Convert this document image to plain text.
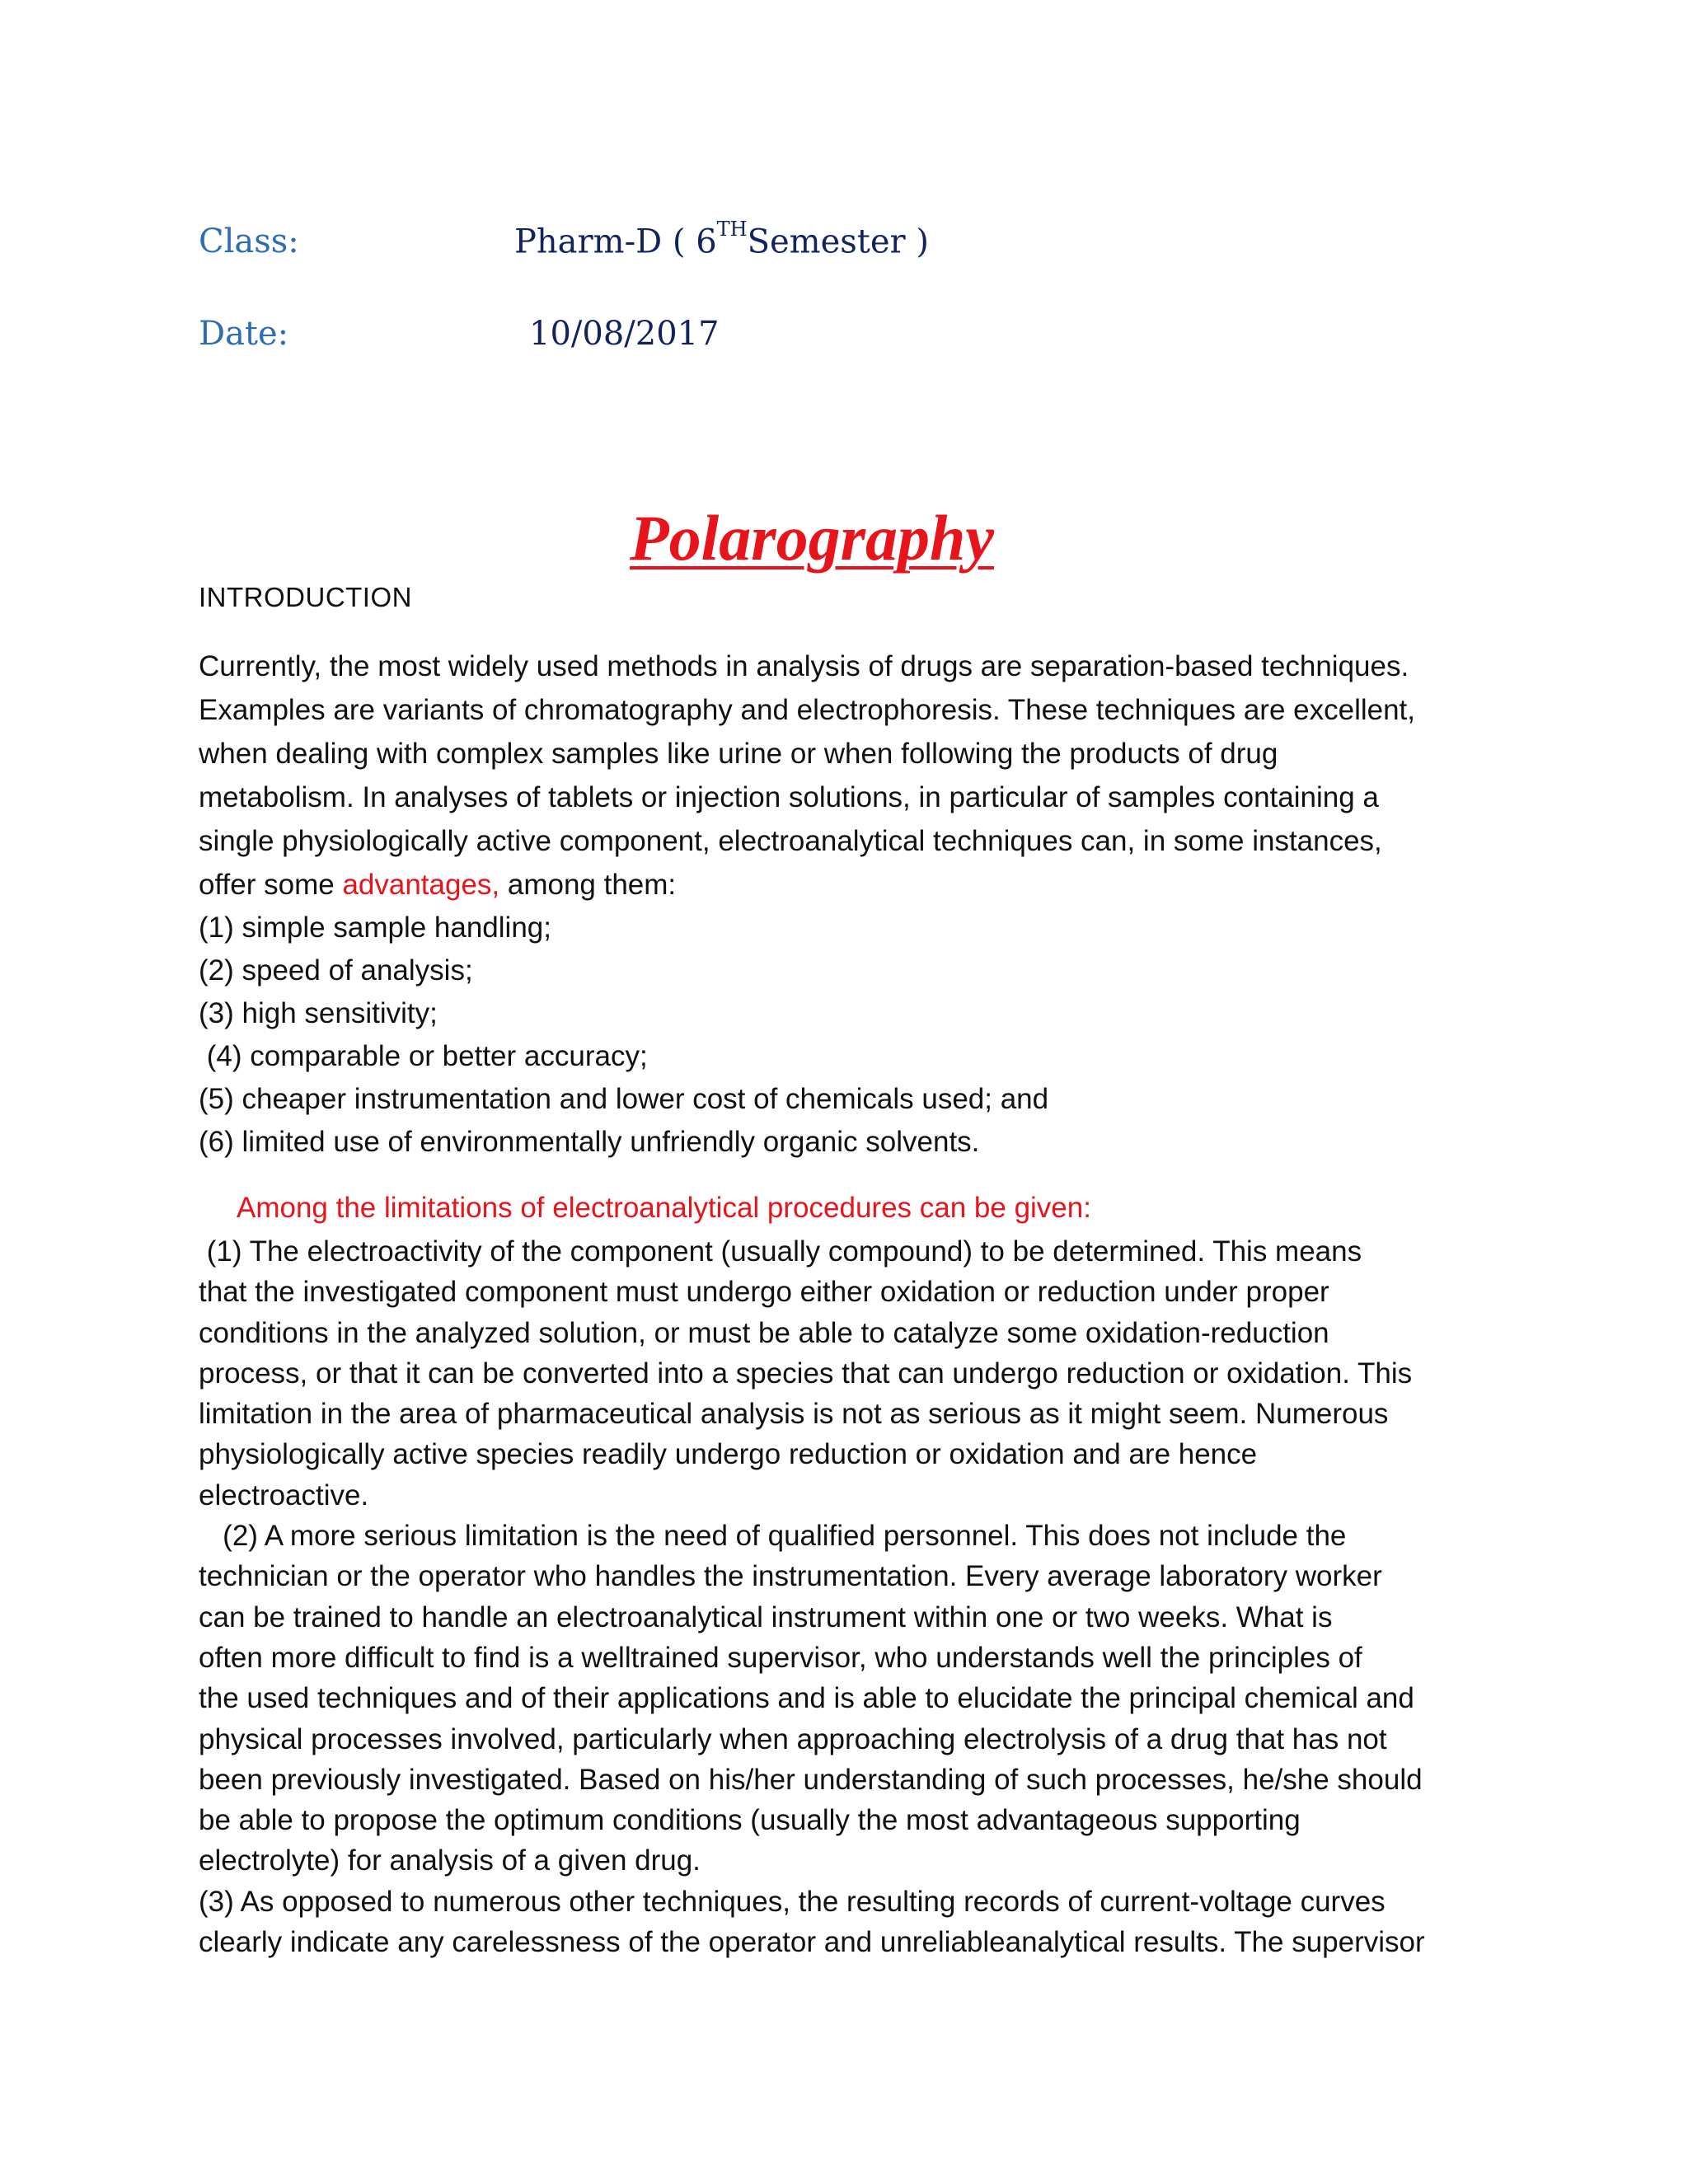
Class:	Pharm-D ( 6THSemester )
Date:	10/08/2017
Polarography
INTRODUCTION

Currently, the most widely used methods in analysis of drugs are separation-based techniques.

Examples are variants of chromatography and electrophoresis. These techniques are excellent,

when dealing with complex samples like urine or when following the products of drug

metabolism. In analyses of tablets or injection solutions, in particular of samples containing a

single physiologically active component, electroanalytical techniques can, in some instances,

offer some advantages, among them:

(1) simple sample handling;
(2) speed of analysis;
(3) high sensitivity;
(4) comparable or better accuracy;
(5) cheaper instrumentation and lower cost of chemicals used; and
(6) limited use of environmentally unfriendly organic solvents.
Among the limitations of electroanalytical procedures can be given:

(1) The electroactivity of the component (usually compound) to be determined. This means

that the investigated component must undergo either oxidation or reduction under proper

conditions in the analyzed solution, or must be able to catalyze some oxidation-reduction

process, or that it can be converted into a species that can undergo reduction or oxidation. This

limitation in the area of pharmaceutical analysis is not as serious as it might seem. Numerous

physiologically active species readily undergo reduction or oxidation and are hence

electroactive.

(2) A more serious limitation is the need of qualified personnel. This does not include the

technician or the operator who handles the instrumentation. Every average laboratory worker

can be trained to handle an electroanalytical instrument within one or two weeks. What is

often more difficult to find is a welltrained supervisor, who understands well the principles of

the used techniques and of their applications and is able to elucidate the principal chemical and

physical processes involved, particularly when approaching electrolysis of a drug that has not

been previously investigated. Based on his/her understanding of such processes, he/she should

be able to propose the optimum conditions (usually the most advantageous supporting

electrolyte) for analysis of a given drug.

(3) As opposed to numerous other techniques, the resulting records of current-voltage curves

clearly indicate any carelessness of the operator and unreliableanalytical results. The supervisor
